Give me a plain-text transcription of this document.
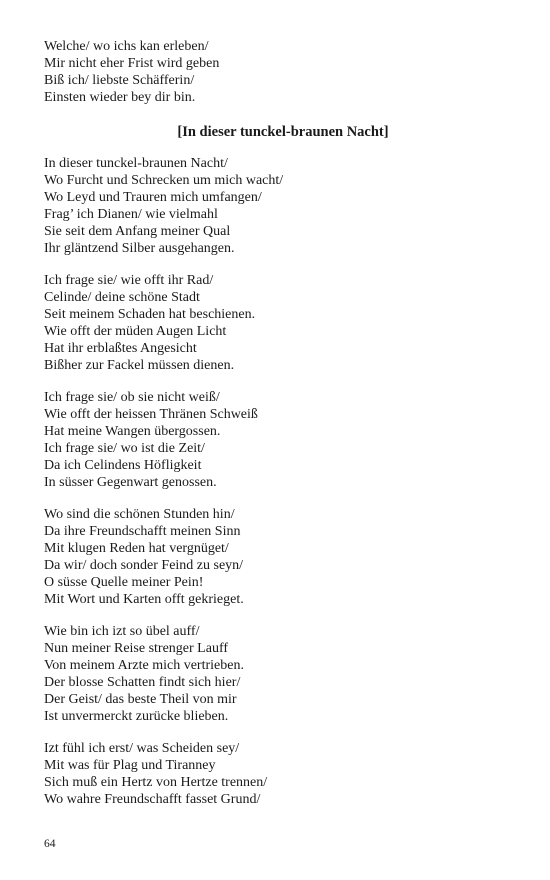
Welche/ wo ichs kan erleben/
Mir nicht eher Frist wird geben
Biß ich/ liebste Schäfferin/
Einsten wieder bey dir bin.
[In dieser tunckel-braunen Nacht]
In dieser tunckel-braunen Nacht/
Wo Furcht und Schrecken um mich wacht/
Wo Leyd und Trauren mich umfangen/
Frag’ ich Dianen/ wie vielmahl
Sie seit dem Anfang meiner Qual
Ihr gläntzend Silber ausgehangen.
Ich frage sie/ wie offt ihr Rad/
Celinde/ deine schöne Stadt
Seit meinem Schaden hat beschienen.
Wie offt der müden Augen Licht
Hat ihr erblaßtes Angesicht
Bißher zur Fackel müssen dienen.
Ich frage sie/ ob sie nicht weiß/
Wie offt der heissen Thränen Schweiß
Hat meine Wangen übergossen.
Ich frage sie/ wo ist die Zeit/
Da ich Celindens Höfligkeit
In süsser Gegenwart genossen.
Wo sind die schönen Stunden hin/
Da ihre Freundschafft meinen Sinn
Mit klugen Reden hat vergnüget/
Da wir/ doch sonder Feind zu seyn/
O süsse Quelle meiner Pein!
Mit Wort und Karten offt gekrieget.
Wie bin ich izt so übel auff/
Nun meiner Reise strenger Lauff
Von meinem Arzte mich vertrieben.
Der blosse Schatten findt sich hier/
Der Geist/ das beste Theil von mir
Ist unvermerckt zurücke blieben.
Izt fühl ich erst/ was Scheiden sey/
Mit was für Plag und Tiranney
Sich muß ein Hertz von Hertze trennen/
Wo wahre Freundschafft fasset Grund/
64
